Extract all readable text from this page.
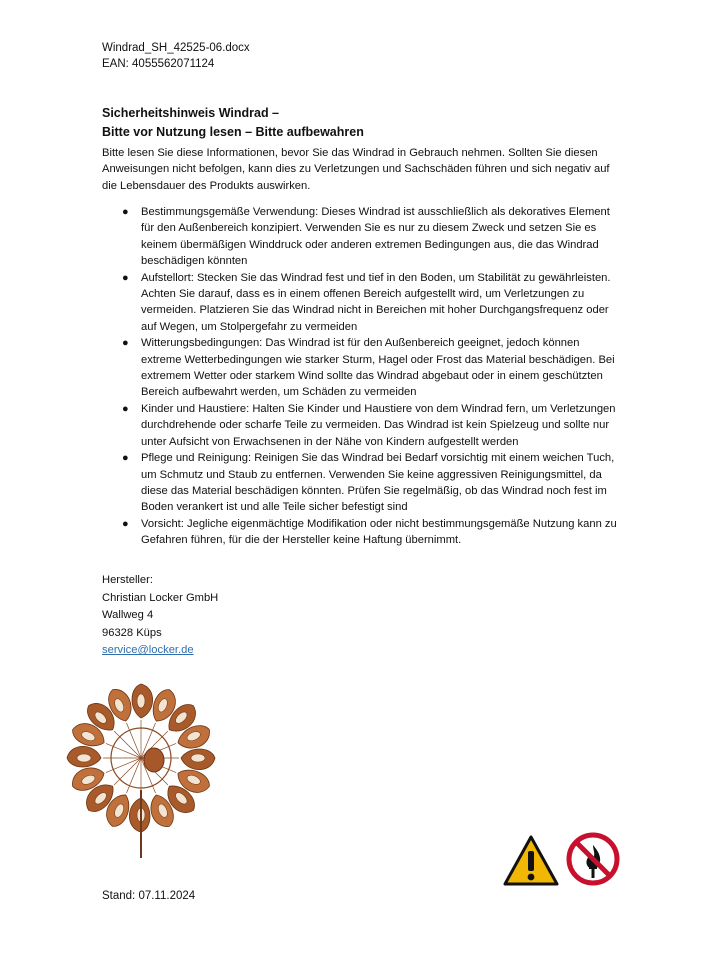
Windrad_SH_42525-06.docx
EAN: 4055562071124
Sicherheitshinweis Windrad –
Bitte vor Nutzung lesen – Bitte aufbewahren
Bitte lesen Sie diese Informationen, bevor Sie das Windrad in Gebrauch nehmen. Sollten Sie diesen Anweisungen nicht befolgen, kann dies zu Verletzungen und Sachschäden führen und sich negativ auf die Lebensdauer des Produkts auswirken.
● Bestimmungsgemäße Verwendung: Dieses Windrad ist ausschließlich als dekoratives Element für den Außenbereich konzipiert. Verwenden Sie es nur zu diesem Zweck und setzen Sie es keinem übermäßigen Winddruck oder anderen extremen Bedingungen aus, die das Windrad beschädigen könnten
● Aufstellort: Stecken Sie das Windrad fest und tief in den Boden, um Stabilität zu gewährleisten. Achten Sie darauf, dass es in einem offenen Bereich aufgestellt wird, um Verletzungen zu vermeiden. Platzieren Sie das Windrad nicht in Bereichen mit hoher Durchgangsfrequenz oder auf Wegen, um Stolpergefahr zu vermeiden
● Witterungsbedingungen: Das Windrad ist für den Außenbereich geeignet, jedoch können extreme Wetterbedingungen wie starker Sturm, Hagel oder Frost das Material beschädigen. Bei extremem Wetter oder starkem Wind sollte das Windrad abgebaut oder in einem geschützten Bereich aufbewahrt werden, um Schäden zu vermeiden
● Kinder und Haustiere: Halten Sie Kinder und Haustiere von dem Windrad fern, um Verletzungen durchdrehende oder scharfe Teile zu vermeiden. Das Windrad ist kein Spielzeug und sollte nur unter Aufsicht von Erwachsenen in der Nähe von Kindern aufgestellt werden
● Pflege und Reinigung: Reinigen Sie das Windrad bei Bedarf vorsichtig mit einem weichen Tuch, um Schmutz und Staub zu entfernen. Verwenden Sie keine aggressiven Reinigungsmittel, da diese das Material beschädigen könnten. Prüfen Sie regelmäßig, ob das Windrad noch fest im Boden verankert ist und alle Teile sicher befestigt sind
● Vorsicht: Jegliche eigenmächtige Modifikation oder nicht bestimmungsgemäße Nutzung kann zu Gefahren führen, für die der Hersteller keine Haftung übernimmt.
Hersteller:
Christian Locker GmbH
Wallweg 4
96328 Küps
service@locker.de
Stand: 07.11.2024
